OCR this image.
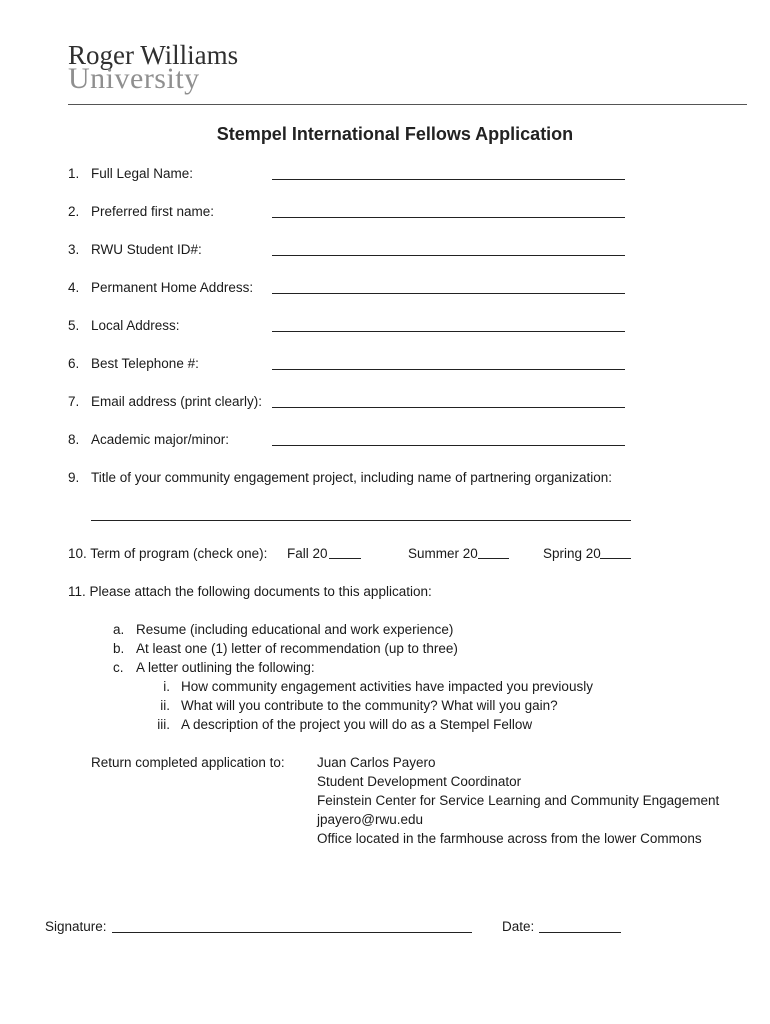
Roger Williams
University
Stempel International Fellows Application
1. Full Legal Name:
2. Preferred first name:
3. RWU Student ID#:
4. Permanent Home Address:
5. Local Address:
6. Best Telephone #:
7. Email address (print clearly):
8. Academic major/minor:
9. Title of your community engagement project, including name of partnering organization:
10. Term of program (check one): Fall 20	Summer 20	Spring 20
11. Please attach the following documents to this application:
a. Resume (including educational and work experience)
b. At least one (1) letter of recommendation (up to three)
c. A letter outlining the following:
i. How community engagement activities have impacted you previously
ii. What will you contribute to the community? What will you gain?
iii. A description of the project you will do as a Stempel Fellow
Return completed application to: Juan Carlos Payero
Student Development Coordinator
Feinstein Center for Service Learning and Community Engagement
jpayero@rwu.edu
Office located in the farmhouse across from the lower Commons
Signature:	Date:
